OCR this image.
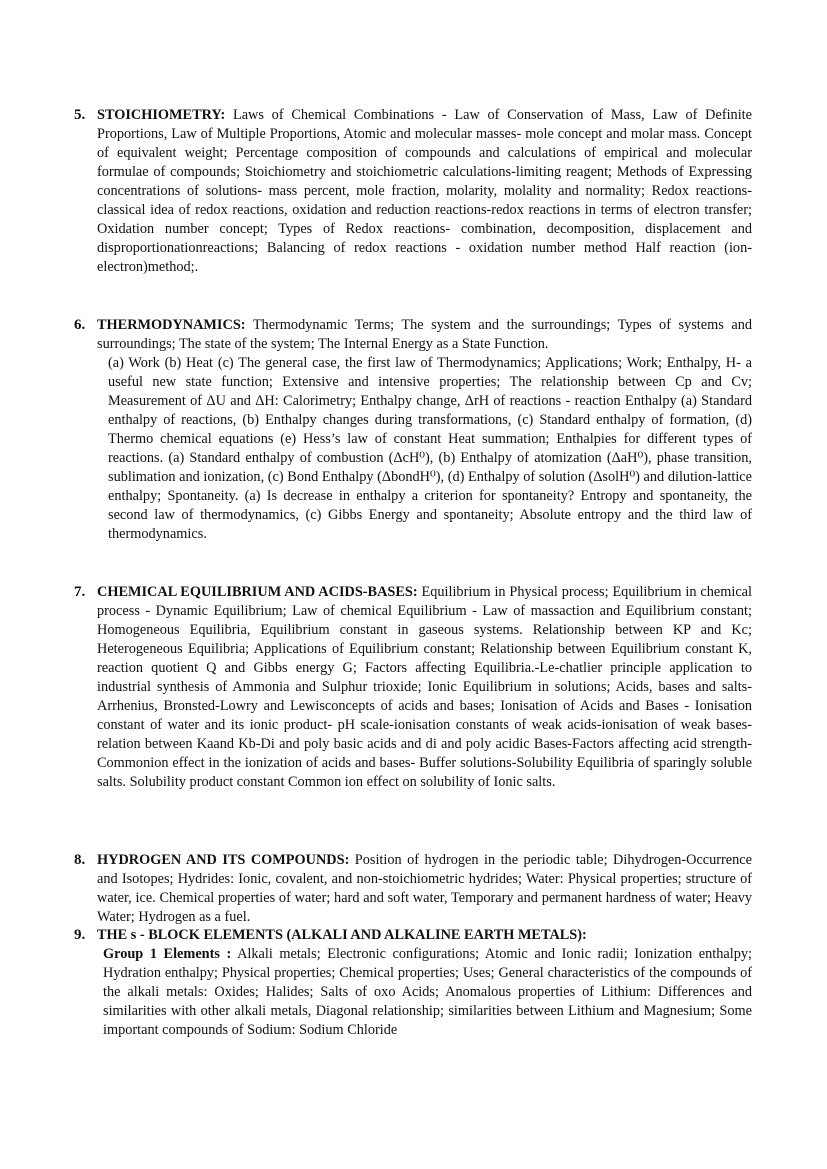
5. STOICHIOMETRY: Laws of Chemical Combinations - Law of Conservation of Mass, Law of Definite Proportions, Law of Multiple Proportions, Atomic and molecular masses- mole concept and molar mass. Concept of equivalent weight; Percentage composition of compounds and calculations of empirical and molecular formulae of compounds; Stoichiometry and stoichiometric calculations-limiting reagent; Methods of Expressing concentrations of solutions- mass percent, mole fraction, molarity, molality and normality; Redox reactions-classical idea of redox reactions, oxidation and reduction reactions-redox reactions in terms of electron transfer; Oxidation number concept; Types of Redox reactions- combination, decomposition, displacement and disproportionationreactions; Balancing of redox reactions - oxidation number method Half reaction (ion-electron)method;.
6. THERMODYNAMICS: Thermodynamic Terms; The system and the surroundings; Types of systems and surroundings; The state of the system; The Internal Energy as a State Function.
(a) Work (b) Heat (c) The general case, the first law of Thermodynamics; Applications; Work; Enthalpy, H- a useful new state function; Extensive and intensive properties; The relationship between Cp and Cv; Measurement of ΔU and ΔH: Calorimetry; Enthalpy change, ΔrH of reactions - reaction Enthalpy (a) Standard enthalpy of reactions, (b) Enthalpy changes during transformations, (c) Standard enthalpy of formation, (d) Thermo chemical equations (e) Hess’s law of constant Heat summation; Enthalpies for different types of reactions. (a) Standard enthalpy of combustion (ΔcH⁰), (b) Enthalpy of atomization (ΔaH⁰), phase transition, sublimation and ionization, (c) Bond Enthalpy (ΔbondH⁰), (d) Enthalpy of solution (ΔsolH⁰) and dilution-lattice enthalpy; Spontaneity. (a) Is decrease in enthalpy a criterion for spontaneity? Entropy and spontaneity, the second law of thermodynamics, (c) Gibbs Energy and spontaneity; Absolute entropy and the third law of thermodynamics.
7. CHEMICAL EQUILIBRIUM AND ACIDS-BASES: Equilibrium in Physical process; Equilibrium in chemical process - Dynamic Equilibrium; Law of chemical Equilibrium - Law of massaction and Equilibrium constant; Homogeneous Equilibria, Equilibrium constant in gaseous systems. Relationship between KP and Kc; Heterogeneous Equilibria; Applications of Equilibrium constant; Relationship between Equilibrium constant K, reaction quotient Q and Gibbs energy G; Factors affecting Equilibria.-Le-chatlier principle application to industrial synthesis of Ammonia and Sulphur trioxide; Ionic Equilibrium in solutions; Acids, bases and salts- Arrhenius, Bronsted-Lowry and Lewisconcepts of acids and bases; Ionisation of Acids and Bases - Ionisation constant of water and its ionic product- pH scale-ionisation constants of weak acids-ionisation of weak bases-relation between Kaand Kb-Di and poly basic acids and di and poly acidic Bases-Factors affecting acid strength- Commonion effect in the ionization of acids and bases- Buffer solutions-Solubility Equilibria of sparingly soluble salts. Solubility product constant Common ion effect on solubility of Ionic salts.
8. HYDROGEN AND ITS COMPOUNDS: Position of hydrogen in the periodic table; Dihydrogen-Occurrence and Isotopes; Hydrides: Ionic, covalent, and non-stoichiometric hydrides; Water: Physical properties; structure of water, ice. Chemical properties of water; hard and soft water, Temporary and permanent hardness of water; Heavy Water; Hydrogen as a fuel.
9. THE s - BLOCK ELEMENTS (ALKALI AND ALKALINE EARTH METALS):
Group 1 Elements : Alkali metals; Electronic configurations; Atomic and Ionic radii; Ionization enthalpy; Hydration enthalpy; Physical properties; Chemical properties; Uses; General characteristics of the compounds of the alkali metals: Oxides; Halides; Salts of oxo Acids; Anomalous properties of Lithium: Differences and similarities with other alkali metals, Diagonal relationship; similarities between Lithium and Magnesium; Some important compounds of Sodium: Sodium Chloride
